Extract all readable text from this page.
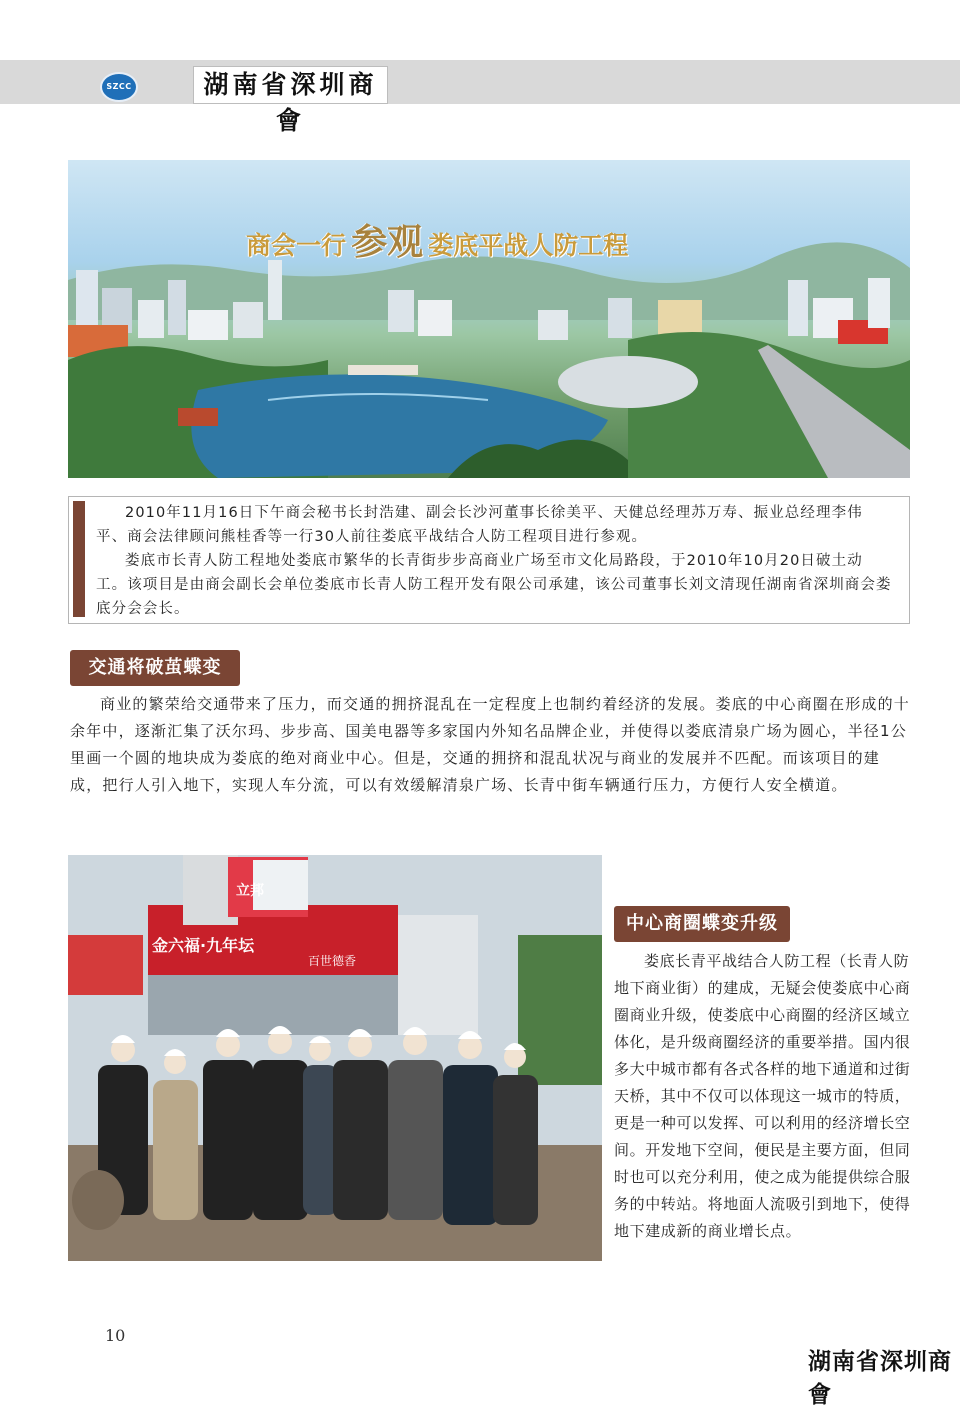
SZCC	湖南省深圳商會
商会一行 参观 娄底平战人防工程

2010年11月16日下午商会秘书长封浩建、副会长沙河董事长徐美平、天健总经理苏万寿、振业总经理李伟平、商会法律顾问熊桂香等一行30人前往娄底平战结合人防工程项目进行参观。

娄底市长青人防工程地处娄底市繁华的长青街步步高商业广场至市文化局路段，于2010年10月20日破土动工。该项目是由商会副长会单位娄底市长青人防工程开发有限公司承建，该公司董事长刘文清现任湖南省深圳商会娄底分会会长。

交通将破茧蝶变

商业的繁荣给交通带来了压力，而交通的拥挤混乱在一定程度上也制约着经济的发展。娄底的中心商圈在形成的十余年中，逐渐汇集了沃尔玛、步步高、国美电器等多家国内外知名品牌企业，并使得以娄底清泉广场为圆心，半径1公里画一个圆的地块成为娄底的绝对商业中心。但是，交通的拥挤和混乱状况与商业的发展并不匹配。而该项目的建成，把行人引入地下，实现人车分流，可以有效缓解清泉广场、长青中街车辆通行压力，方便行人安全横道。

金六福·九年坛
百世德香
立邦
中心商圈蝶变升级

娄底长青平战结合人防工程（长青人防地下商业街）的建成，无疑会使娄底中心商圈商业升级，使娄底中心商圈的经济区域立体化，是升级商圈经济的重要举措。国内很多大中城市都有各式各样的地下通道和过街天桥，其中不仅可以体现这一城市的特质，更是一种可以发挥、可以利用的经济增长空间。开发地下空间，便民是主要方面，但同时也可以充分利用，使之成为能提供综合服务的中转站。将地面人流吸引到地下，使得地下建成新的商业增长点。

10
湖南省深圳商會
